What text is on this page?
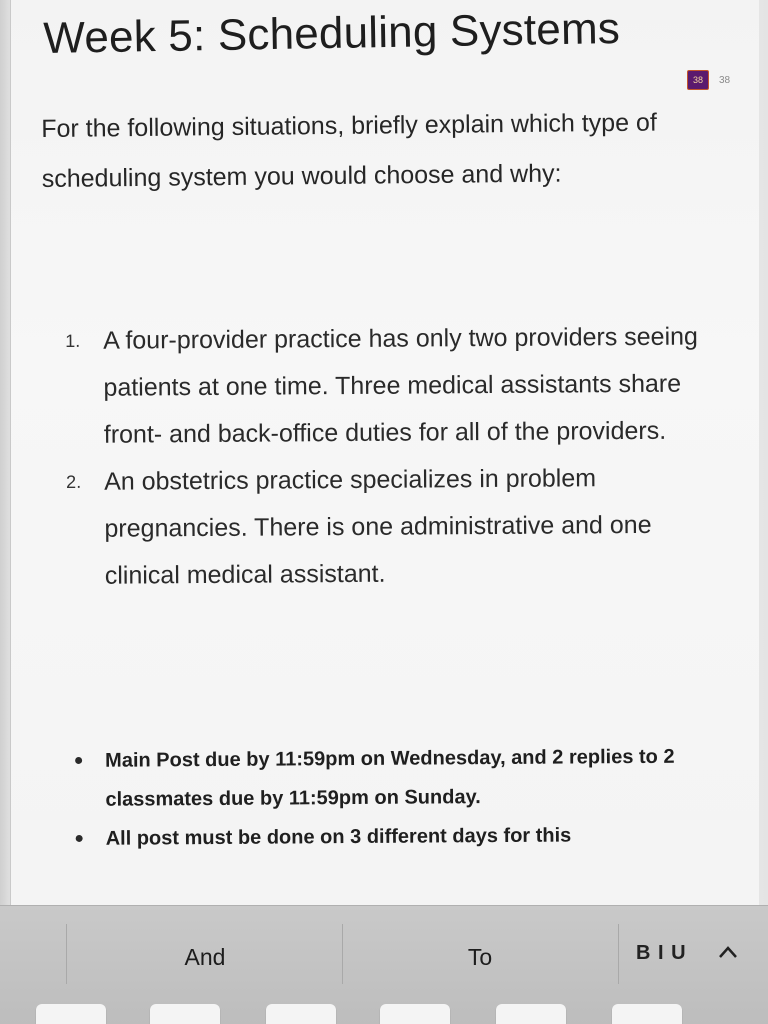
Week 5: Scheduling Systems
38	38

For the following situations, briefly explain which type of scheduling system you would choose and why:

1. A four-provider practice has only two providers seeing patients at one time. Three medical assistants share front- and back-office duties for all of the providers.
2. An obstetrics practice specializes in problem pregnancies. There is one administrative and one clinical medical assistant.
Main Post due by 11:59pm on Wednesday, and 2 replies to 2 classmates due by 11:59pm on Sunday.
All post must be done on 3 different days for this
And	To	B I U
